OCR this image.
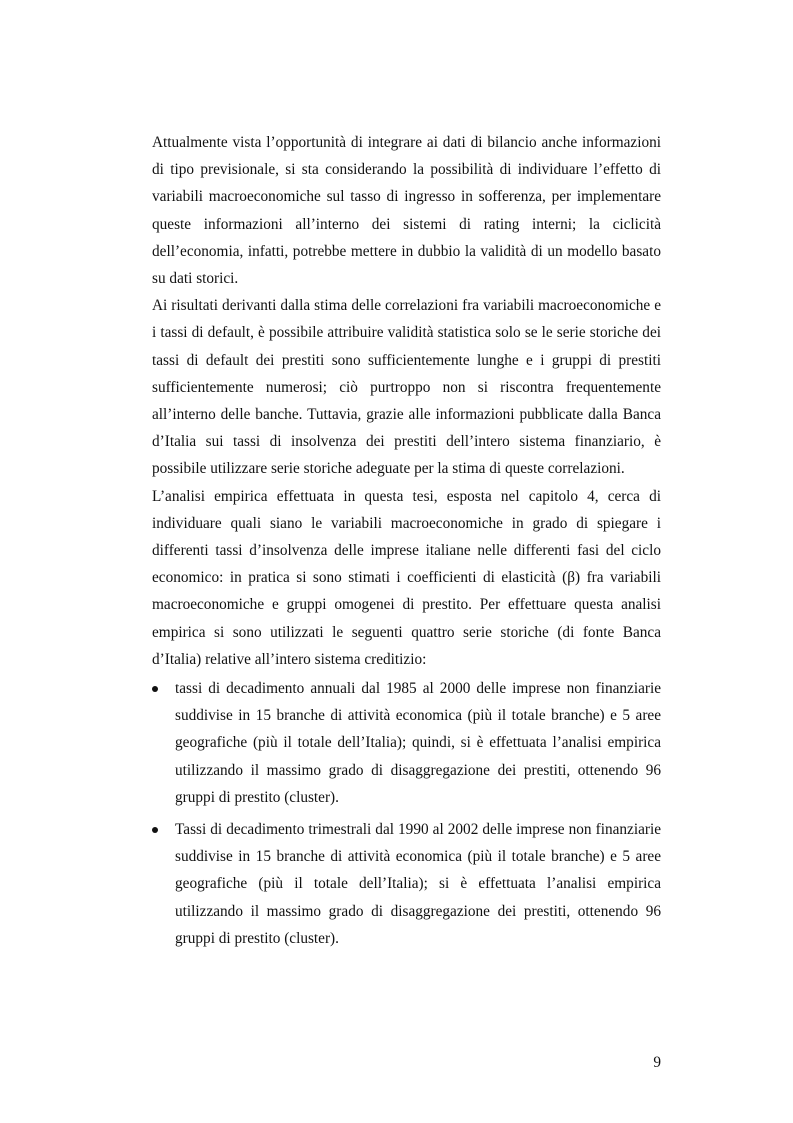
Attualmente vista l’opportunità di integrare ai dati di bilancio anche informazioni di tipo previsionale, si sta considerando la possibilità di individuare l’effetto di variabili macroeconomiche sul tasso di ingresso in sofferenza, per implementare queste informazioni all’interno dei sistemi di rating interni; la ciclicità dell’economia, infatti, potrebbe mettere in dubbio la validità di un modello basato su dati storici.

Ai risultati derivanti dalla stima delle correlazioni fra variabili macroeconomiche e i tassi di default, è possibile attribuire validità statistica solo se le serie storiche dei tassi di default dei prestiti sono sufficientemente lunghe e i gruppi di prestiti sufficientemente numerosi; ciò purtroppo non si riscontra frequentemente all’interno delle banche. Tuttavia, grazie alle informazioni pubblicate dalla Banca d’Italia sui tassi di insolvenza dei prestiti dell’intero sistema finanziario, è possibile utilizzare serie storiche adeguate per la stima di queste correlazioni.

L’analisi empirica effettuata in questa tesi, esposta nel capitolo 4, cerca di individuare quali siano le variabili macroeconomiche in grado di spiegare i differenti tassi d’insolvenza delle imprese italiane nelle differenti fasi del ciclo economico: in pratica si sono stimati i coefficienti di elasticità (β) fra variabili macroeconomiche e gruppi omogenei di prestito. Per effettuare questa analisi empirica si sono utilizzati le seguenti quattro serie storiche (di fonte Banca d’Italia) relative all’intero sistema creditizio:

tassi di decadimento annuali dal 1985 al 2000 delle imprese non finanziarie suddivise in 15 branche di attività economica (più il totale branche) e 5 aree geografiche (più il totale dell’Italia); quindi, si è effettuata l’analisi empirica utilizzando il massimo grado di disaggregazione dei prestiti, ottenendo 96 gruppi di prestito (cluster).
Tassi di decadimento trimestrali dal 1990 al 2002 delle imprese non finanziarie suddivise in 15 branche di attività economica (più il totale branche) e 5 aree geografiche (più il totale dell’Italia); si è effettuata l’analisi empirica utilizzando il massimo grado di disaggregazione dei prestiti, ottenendo 96 gruppi di prestito (cluster).
9
